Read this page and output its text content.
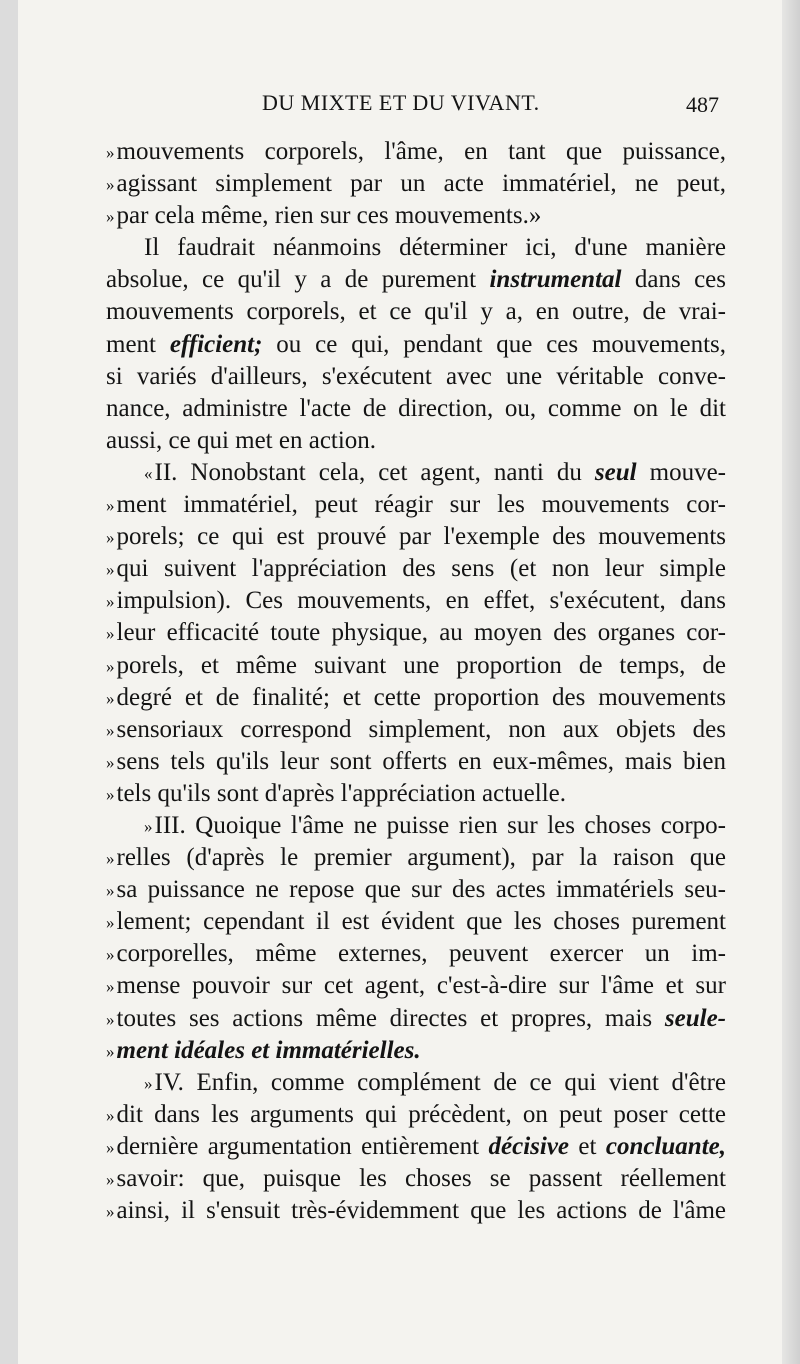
DU MIXTE ET DU VIVANT.	487
»mouvements corporels, l'âme, en tant que puissance,
»agissant simplement par un acte immatériel, ne peut,
»par cela même, rien sur ces mouvements.»
Il faudrait néanmoins déterminer ici, d'une manière
absolue, ce qu'il y a de purement instrumental dans ces
mouvements corporels, et ce qu'il y a, en outre, de vrai-
ment efficient; ou ce qui, pendant que ces mouvements,
si variés d'ailleurs, s'exécutent avec une véritable conve-
nance, administre l'acte de direction, ou, comme on le dit
aussi, ce qui met en action.
«II. Nonobstant cela, cet agent, nanti du seul mouve-
»ment immatériel, peut réagir sur les mouvements cor-
»porels; ce qui est prouvé par l'exemple des mouvements
»qui suivent l'appréciation des sens (et non leur simple
»impulsion). Ces mouvements, en effet, s'exécutent, dans
»leur efficacité toute physique, au moyen des organes cor-
»porels, et même suivant une proportion de temps, de
»degré et de finalité; et cette proportion des mouvements
»sensoriaux correspond simplement, non aux objets des
»sens tels qu'ils leur sont offerts en eux-mêmes, mais bien
»tels qu'ils sont d'après l'appréciation actuelle.
»III. Quoique l'âme ne puisse rien sur les choses corpo-
»relles (d'après le premier argument), par la raison que
»sa puissance ne repose que sur des actes immatériels seu-
»lement; cependant il est évident que les choses purement
»corporelles, même externes, peuvent exercer un im-
»mense pouvoir sur cet agent, c'est-à-dire sur l'âme et sur
»toutes ses actions même directes et propres, mais seule-
»ment idéales et immatérielles.
»IV. Enfin, comme complément de ce qui vient d'être
»dit dans les arguments qui précèdent, on peut poser cette
»dernière argumentation entièrement décisive et concluante,
»savoir: que, puisque les choses se passent réellement
»ainsi, il s'ensuit très-évidemment que les actions de l'âme
